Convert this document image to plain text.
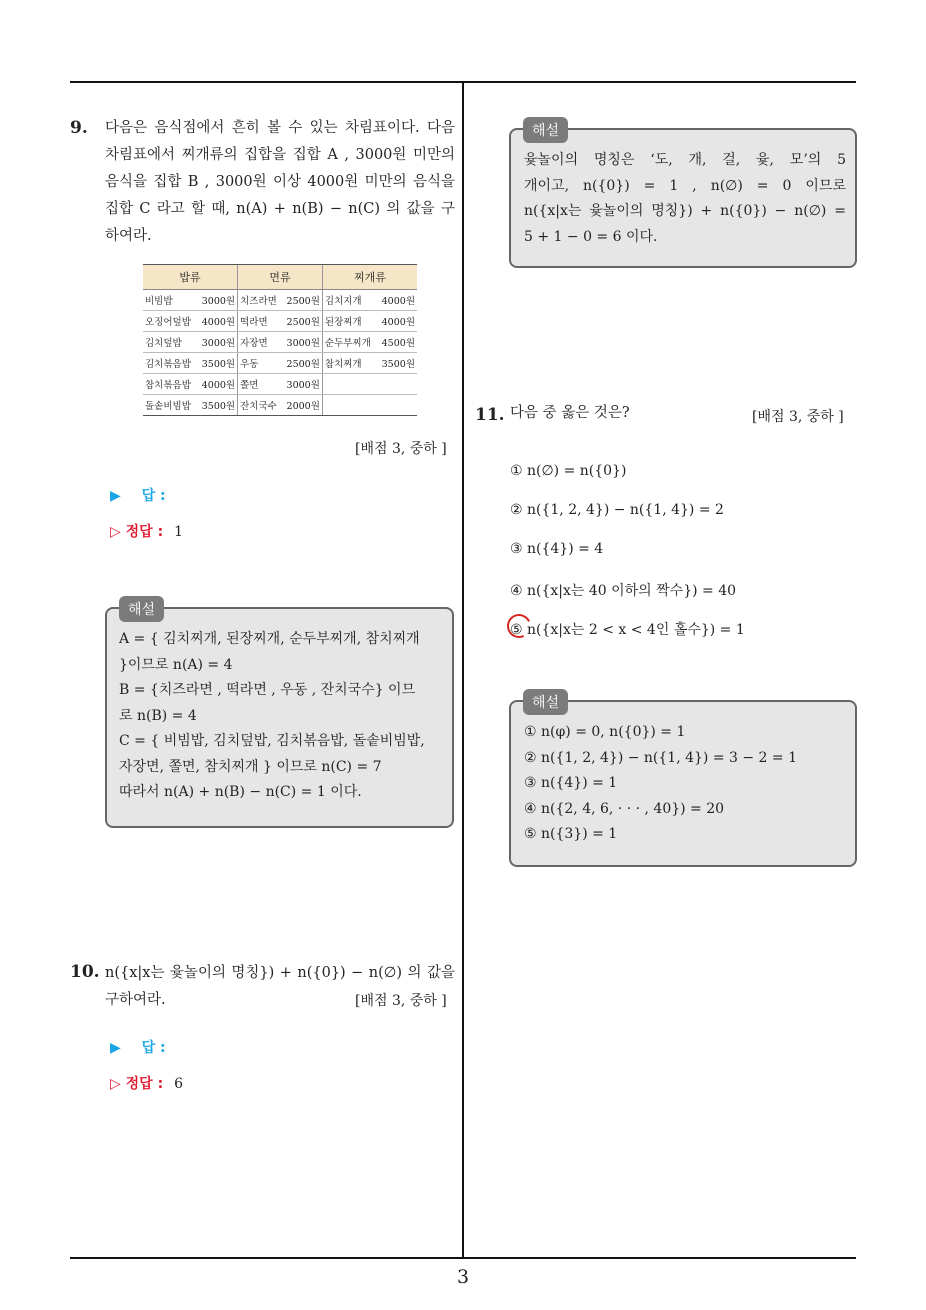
9. 다음은 음식점에서 흔히 볼 수 있는 차림표이다. 다음
차림표에서 찌개류의 집합을 집합 A , 3000원 미만의
음식을 집합 B , 3000원 이상 4000원 미만의 음식을
집합 C 라고 할 때, n(A) + n(B) − n(C) 의 값을 구
하여라.
밥류	면류	찌개류

비빔밥 3000원	치즈라면 2500원	김치지개 4000원

오징어덮밥 4000원	떡라면 2500원	된장찌개 4000원

김치덮밥 3000원	자장면 3000원	순두부찌개 4500원

김치볶음밥 3500원	우동 2500원	참치찌개 3500원

참치볶음밥 4000원	쫄면 3000원	

돌솥비빔밥 3500원	잔치국수 2000원	

[배점 3, 중하 ]
▶ 답 :
▷ 정답 : 1
해설
A = { 김치찌개, 된장찌개, 순두부찌개, 참치찌개
}이므로 n(A) = 4
B = {치즈라면 , 떡라면 , 우동 , 잔치국수} 이므
로 n(B) = 4
C = { 비빔밥, 김치덮밥, 김치볶음밥, 돌솥비빔밥,
자장면, 쫄면, 참치찌개 } 이므로 n(C) = 7
따라서 n(A) + n(B) − n(C) = 1 이다.
10. n({x|x는 윷놀이의 명칭}) + n({0}) − n(∅) 의 값을
구하여라.	[배점 3, 중하 ]
▶ 답 :
▷ 정답 : 6
해설
윷놀이의 명칭은 ‘도, 개, 걸, 윷, 모’의 5
개이고, n({0}) = 1 , n(∅) = 0 이므로
n({x|x는 윷놀이의 명칭}) + n({0}) − n(∅) =
5 + 1 − 0 = 6 이다.
11. 다음 중 옳은 것은?	[배점 3, 중하 ]
① n(∅) = n({0})
② n({1, 2, 4}) − n({1, 4}) = 2
③ n({4}) = 4
④ n({x|x는 40 이하의 짝수}) = 40
⑤ n({x|x는 2 < x < 4인 홀수}) = 1
해설
① n(φ) = 0, n({0}) = 1
② n({1, 2, 4}) − n({1, 4}) = 3 − 2 = 1
③ n({4}) = 1
④ n({2, 4, 6, · · · , 40}) = 20
⑤ n({3}) = 1
3
